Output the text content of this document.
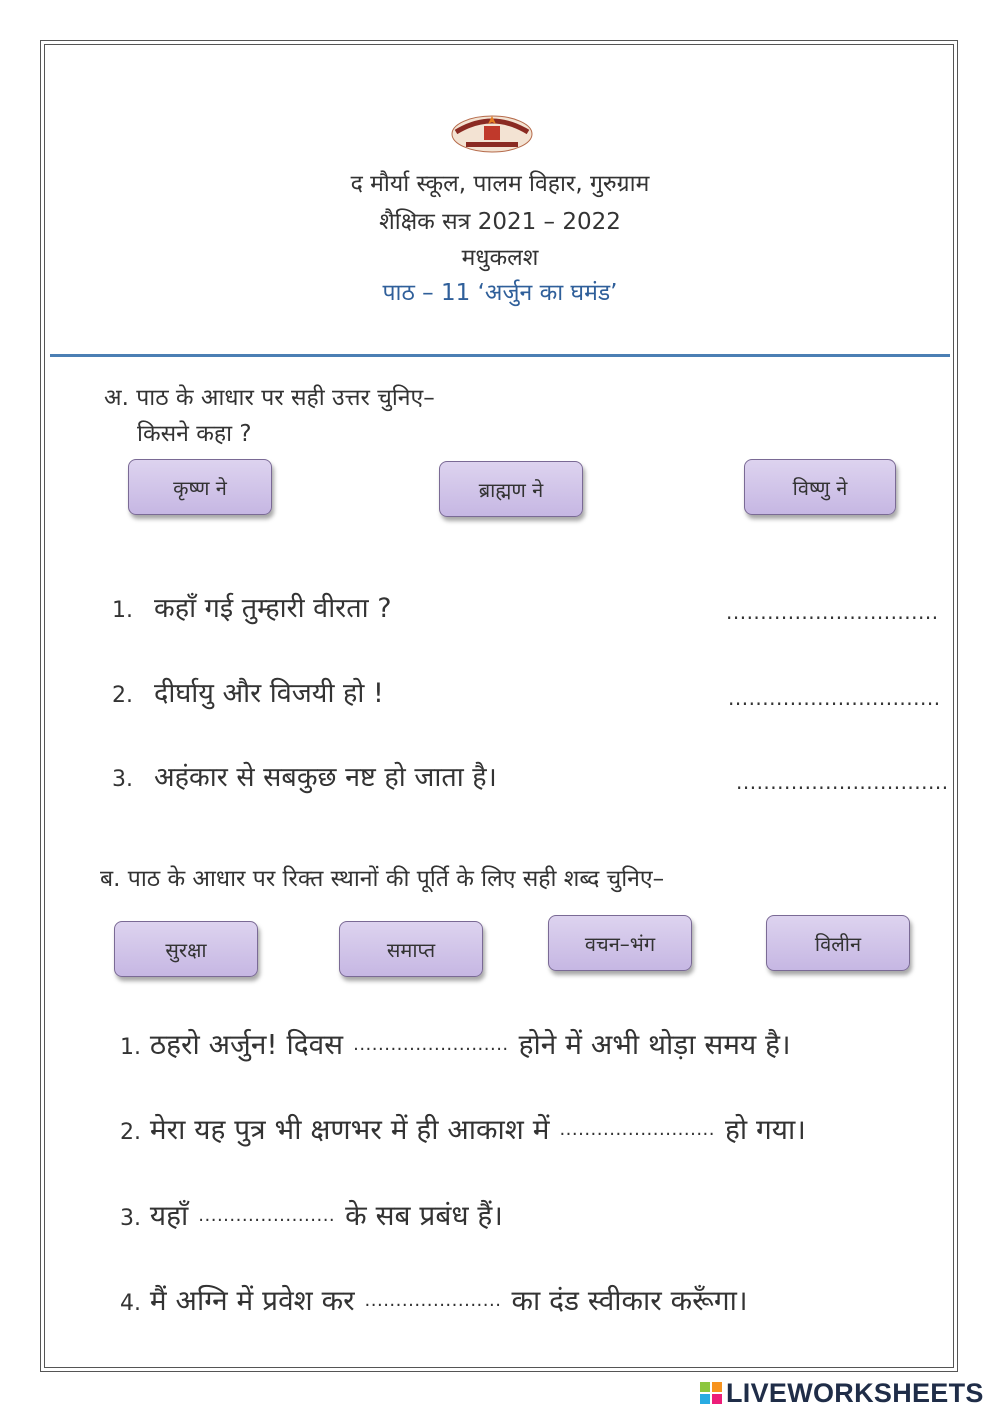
द मौर्या स्कूल, पालम विहार, गुरुग्राम
शैक्षिक सत्र 2021 – 2022
मधुकलश
पाठ – 11 ‘अर्जुन का घमंड’
अ. पाठ के आधार पर सही उत्तर चुनिए–
किसने कहा ?
कृष्ण ने	ब्राह्मण ने	विष्णु ने
1. कहाँ गई तुम्हारी वीरता ?	...............................
2. दीर्घायु और विजयी हो !	...............................
3. अहंकार से सबकुछ नष्ट हो जाता है।	...............................
ब. पाठ के आधार पर रिक्त स्थानों की पूर्ति के लिए सही शब्द चुनिए–
सुरक्षा	समाप्त	वचन–भंग	विलीन
1. ठहरो अर्जुन! दिवस ......................... होने में अभी थोड़ा समय है।
2. मेरा यह पुत्र भी क्षणभर में ही आकाश में ......................... हो गया।
3. यहाँ ...................... के सब प्रबंध हैं।
4. मैं अग्नि में प्रवेश कर ...................... का दंड स्वीकार करूँगा।
LIVEWORKSHEETS
